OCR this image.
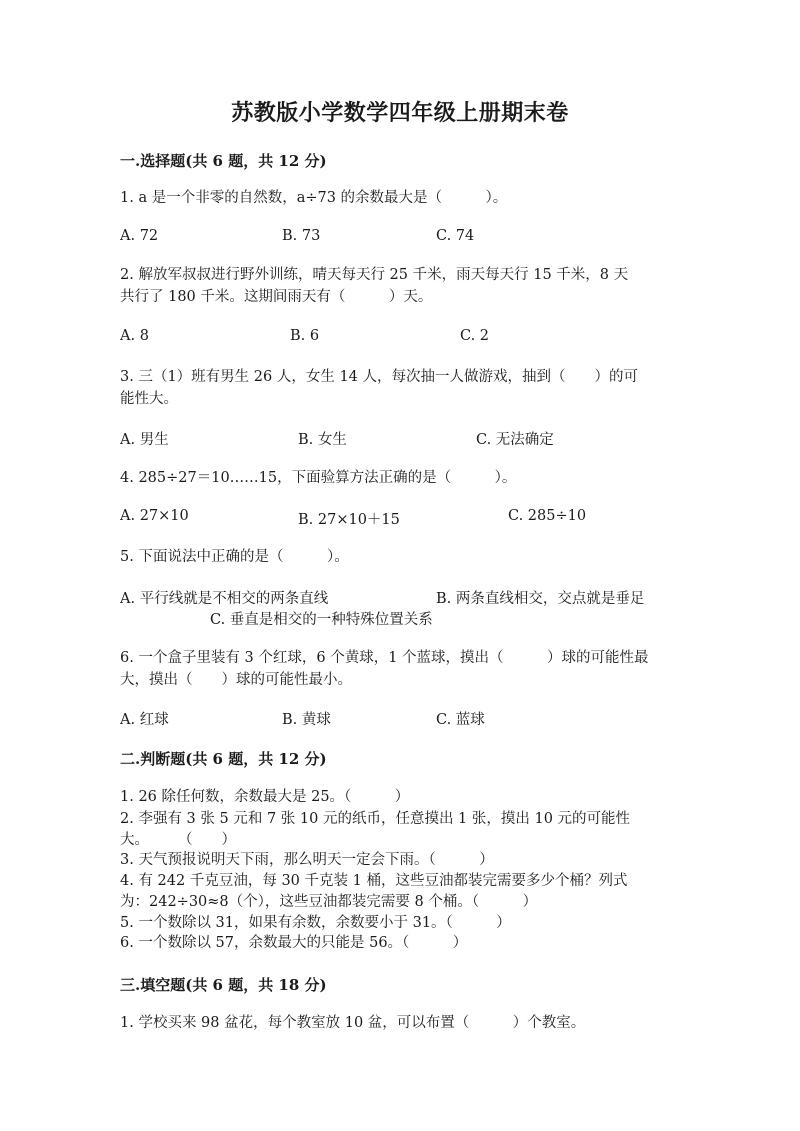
苏教版小学数学四年级上册期末卷
一.选择题(共 6 题，共 12 分)
1. a 是一个非零的自然数，a÷73 的余数最大是（　　　）。
A. 72	B. 73	C. 74
2. 解放军叔叔进行野外训练，晴天每天行 25 千米，雨天每天行 15 千米，8 天
共行了 180 千米。这期间雨天有（　　　）天。
A. 8	B. 6	C. 2
3. 三（1）班有男生 26 人，女生 14 人，每次抽一人做游戏，抽到（　　）的可
能性大。
A. 男生	B. 女生	C. 无法确定
4. 285÷27＝10……15，下面验算方法正确的是（　　　）。
A. 27×10	B. 27×10＋15	C. 285÷10
5. 下面说法中正确的是（　　　）。
A. 平行线就是不相交的两条直线	B. 两条直线相交，交点就是垂足
C. 垂直是相交的一种特殊位置关系
6. 一个盒子里装有 3 个红球，6 个黄球，1 个蓝球，摸出（　　　）球的可能性最
大，摸出（　　）球的可能性最小。
A. 红球	B. 黄球	C. 蓝球
二.判断题(共 6 题，共 12 分)
1. 26 除任何数，余数最大是 25。（　　　）
2. 李强有 3 张 5 元和 7 张 10 元的纸币，任意摸出 1 张，摸出 10 元的可能性
大。　　　（　　）
3. 天气预报说明天下雨，那么明天一定会下雨。（　　　）
4. 有 242 千克豆油，每 30 千克装 1 桶，这些豆油都装完需要多少个桶？列式
为：242÷30≈8（个），这些豆油都装完需要 8 个桶。（　　　）
5. 一个数除以 31，如果有余数，余数要小于 31。（　　　）
6. 一个数除以 57，余数最大的只能是 56。（　　　）
三.填空题(共 6 题，共 18 分)
1. 学校买来 98 盆花，每个教室放 10 盆，可以布置（　　　）个教室。
